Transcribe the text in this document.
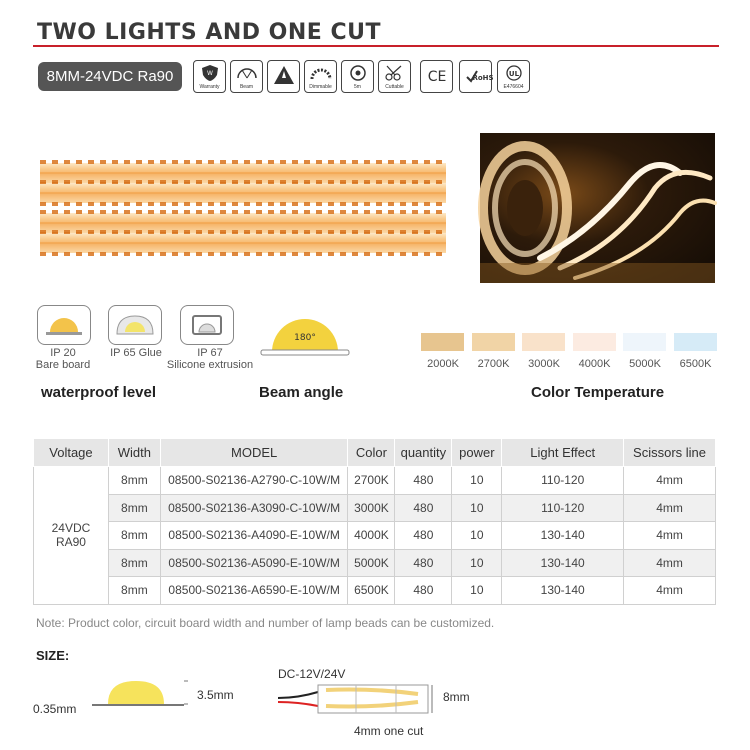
TWO LIGHTS AND ONE CUT
8MM-24VDC Ra90	W
Warranty	Beam	Dimmable	5m	Cuttable
CE	RoHS UL
E476604
IP 20
Bare board
IP 65 Glue	IP 67
Silicone extrusion
180°
2000K	2700K	3000K	4000K	5000K	6500K
waterproof level	Beam angle	Color Temperature
Voltage	Width	MODEL	Color	quantity	power	Light Effect	Scissors line

24VDC
RA90	8mm	08500-S02136-A2790-C-10W/M	2700K	480	10	110-120	4mm
	8mm	08500-S02136-A3090-C-10W/M	3000K	480	10	110-120	4mm
	8mm	08500-S02136-A4090-E-10W/M	4000K	480	10	130-140	4mm
	8mm	08500-S02136-A5090-E-10W/M	5000K	480	10	130-140	4mm
	8mm	08500-S02136-A6590-E-10W/M	6500K	480	10	130-140	4mm
Note: Product color, circuit board width and number of lamp beads can be customized.
SIZE:
0.35mm
3.5mm
DC-12V/24V
8mm
4mm one cut
